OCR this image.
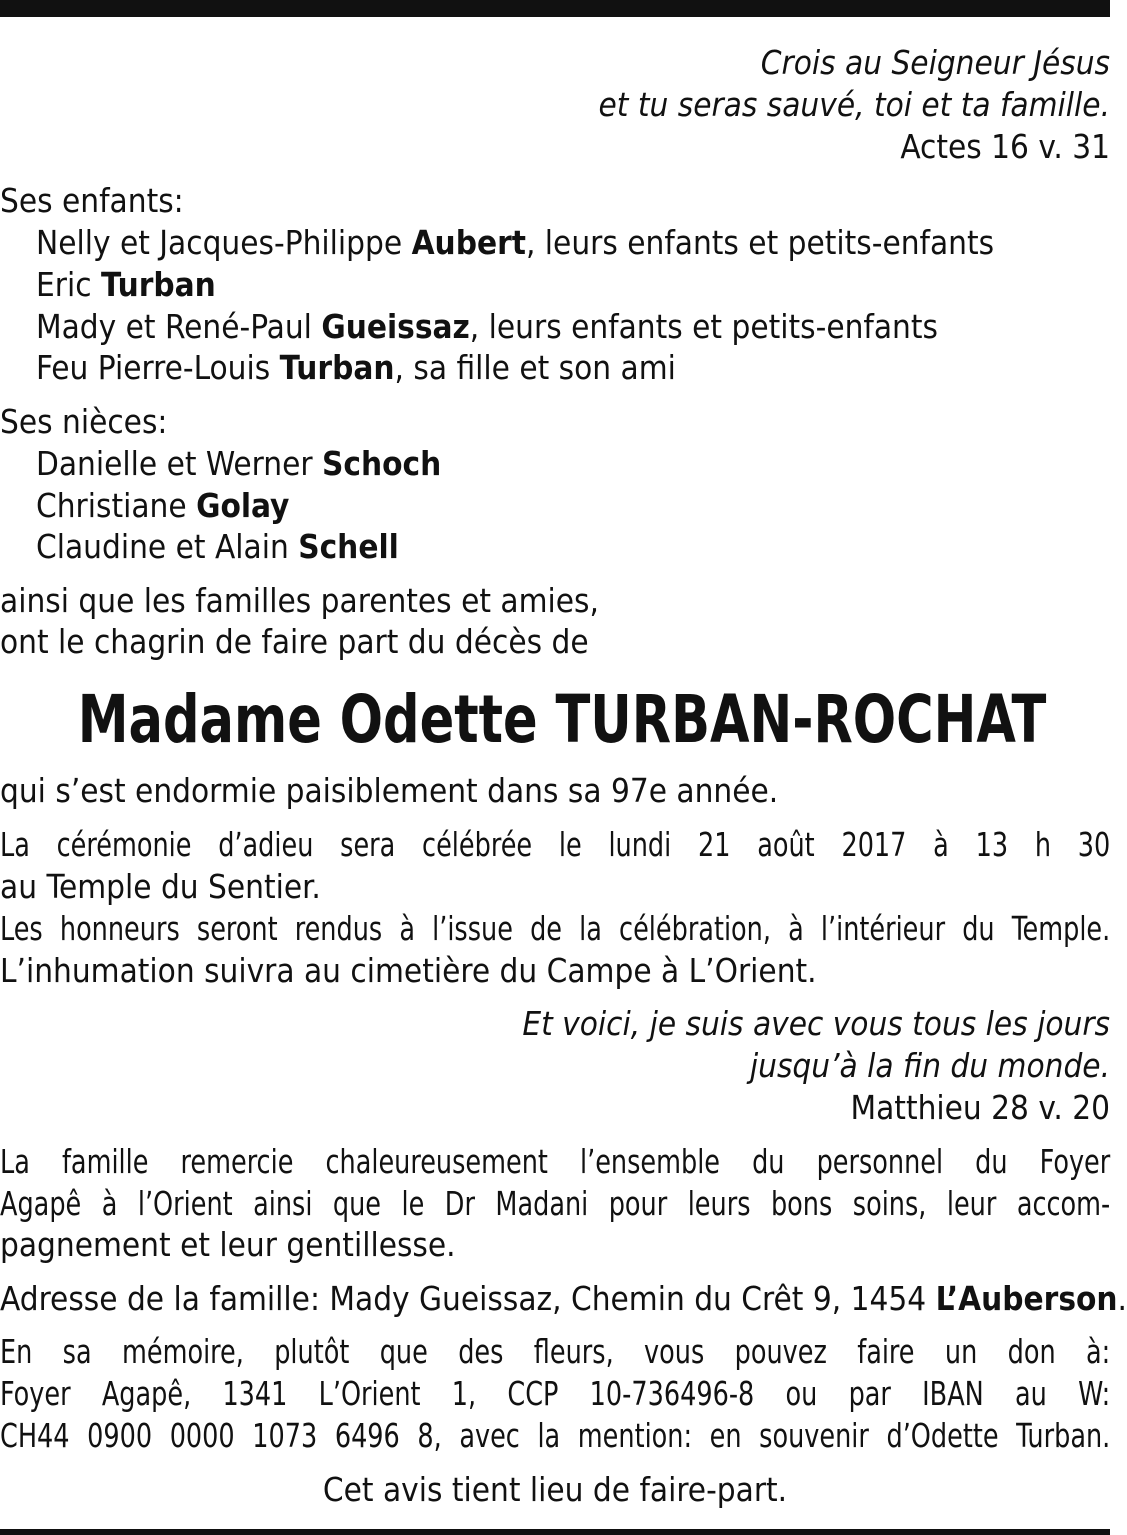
Crois au Seigneur Jésus
et tu seras sauvé, toi et ta famille.
Actes 16 v. 31
Ses enfants:
Nelly et Jacques-Philippe Aubert, leurs enfants et petits-enfants
Eric Turban
Mady et René-Paul Gueissaz, leurs enfants et petits-enfants
Feu Pierre-Louis Turban, sa fille et son ami
Ses nièces:
Danielle et Werner Schoch
Christiane Golay
Claudine et Alain Schell
ainsi que les familles parentes et amies,
ont le chagrin de faire part du décès de
Madame Odette TURBAN-ROCHAT
qui s’est endormie paisiblement dans sa 97e année.
La cérémonie d’adieu sera célébrée le lundi 21 août 2017 à 13 h 30
au Temple du Sentier.
Les honneurs seront rendus à l’issue de la célébration, à l’intérieur du Temple.
L’inhumation suivra au cimetière du Campe à L’Orient.
Et voici, je suis avec vous tous les jours
jusqu’à la fin du monde.
Matthieu 28 v. 20
La famille remercie chaleureusement l’ensemble du personnel du Foyer
Agapê à l’Orient ainsi que le Dr Madani pour leurs bons soins, leur accom-
pagnement et leur gentillesse.
Adresse de la famille: Mady Gueissaz, Chemin du Crêt 9, 1454 L’Auberson.
En sa mémoire, plutôt que des fleurs, vous pouvez faire un don à:
Foyer Agapê, 1341 L’Orient 1, CCP 10-736496-8 ou par IBAN au W:
CH44 0900 0000 1073 6496 8, avec la mention: en souvenir d’Odette Turban.
Cet avis tient lieu de faire-part.
